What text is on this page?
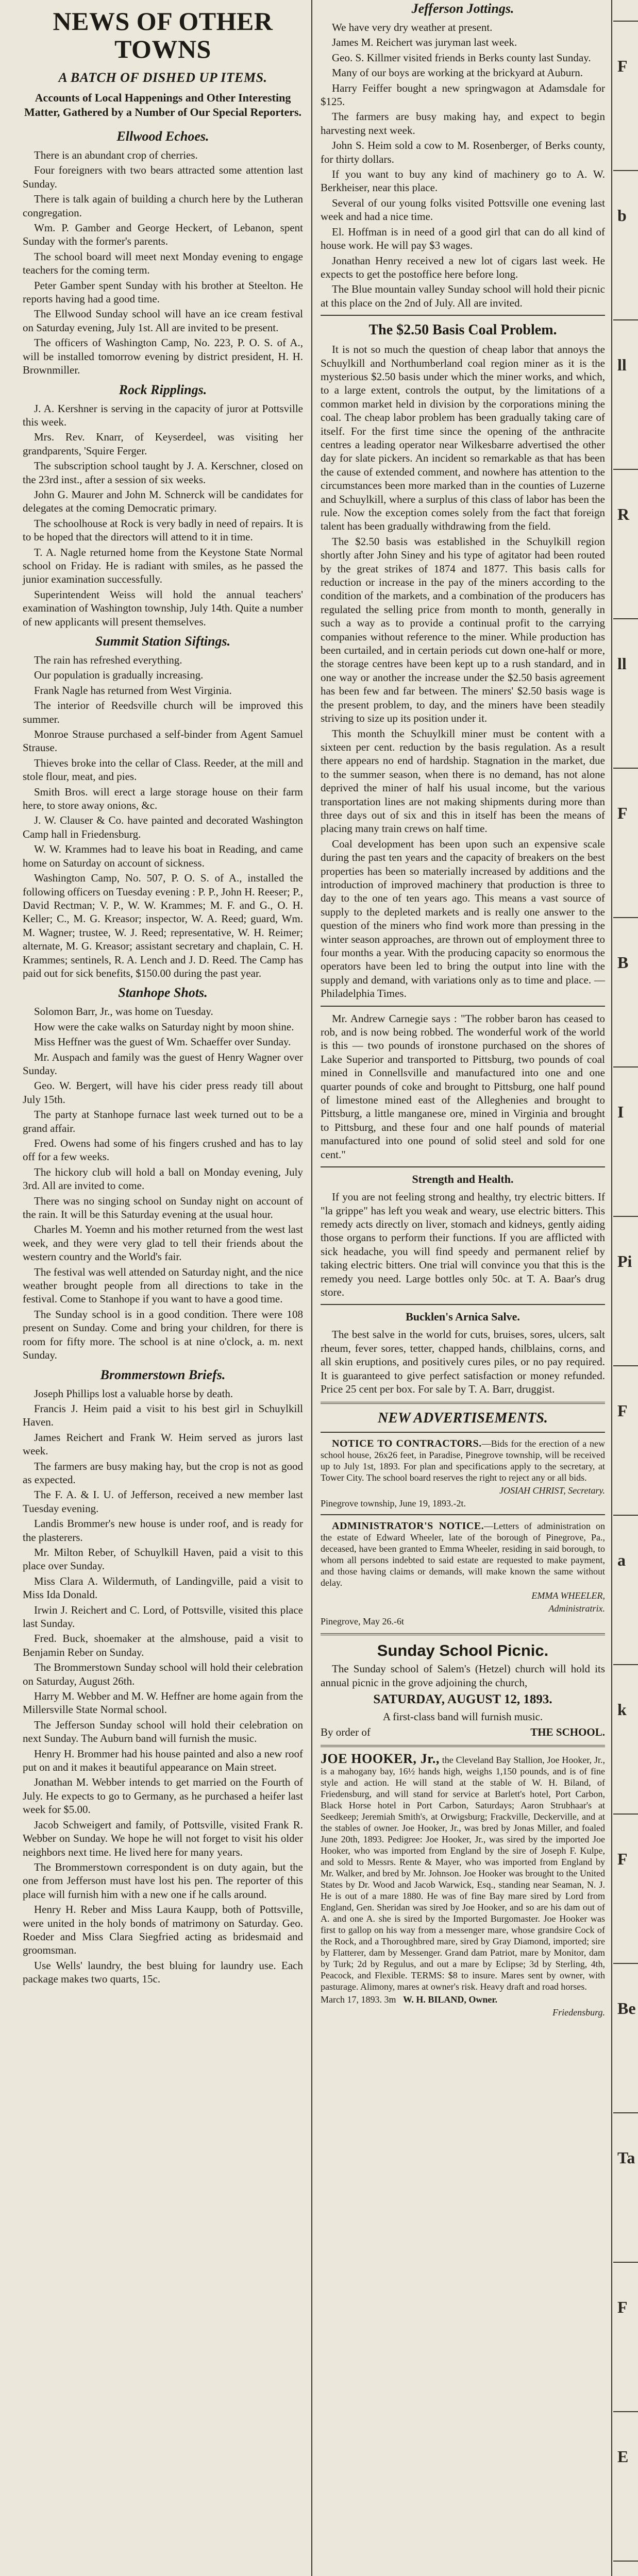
NEWS OF OTHER TOWNS
A BATCH OF DISHED UP ITEMS.
Accounts of Local Happenings and Other Interesting Matter, Gathered by a Number of Our Special Reporters.
Ellwood Echoes.

There is an abundant crop of cherries.

Four foreigners with two bears attracted some attention last Sunday.

There is talk again of building a church here by the Lutheran congregation.

Wm. P. Gamber and George Heckert, of Lebanon, spent Sunday with the former's parents.

The school board will meet next Monday evening to engage teachers for the coming term.

Peter Gamber spent Sunday with his brother at Steelton. He reports having had a good time.

The Ellwood Sunday school will have an ice cream festival on Saturday evening, July 1st. All are invited to be present.

The officers of Washington Camp, No. 223, P. O. S. of A., will be installed tomorrow evening by district president, H. H. Brownmiller.

Rock Ripplings.

J. A. Kershner is serving in the capacity of juror at Pottsville this week.

Mrs. Rev. Knarr, of Keyserdeel, was visiting her grandparents, 'Squire Ferger.

The subscription school taught by J. A. Kerschner, closed on the 23rd inst., after a session of six weeks.

John G. Maurer and John M. Schnerck will be candidates for delegates at the coming Democratic primary.

The schoolhouse at Rock is very badly in need of repairs. It is to be hoped that the directors will attend to it in time.

T. A. Nagle returned home from the Keystone State Normal school on Friday. He is radiant with smiles, as he passed the junior examination successfully.

Superintendent Weiss will hold the annual teachers' examination of Washington township, July 14th. Quite a number of new applicants will present themselves.

Summit Station Siftings.

The rain has refreshed everything.

Our population is gradually increasing.

Frank Nagle has returned from West Virginia.

The interior of Reedsville church will be improved this summer.

Monroe Strause purchased a self-binder from Agent Samuel Strause.

Thieves broke into the cellar of Class. Reeder, at the mill and stole flour, meat, and pies.

Smith Bros. will erect a large storage house on their farm here, to store away onions, &c.

J. W. Clauser & Co. have painted and decorated Washington Camp hall in Friedensburg.

W. W. Krammes had to leave his boat in Reading, and came home on Saturday on account of sickness.

Washington Camp, No. 507, P. O. S. of A., installed the following officers on Tuesday evening : P. P., John H. Reeser; P., David Rectman; V. P., W. W. Krammes; M. F. and G., O. H. Keller; C., M. G. Kreasor; inspector, W. A. Reed; guard, Wm. M. Wagner; trustee, W. J. Reed; representative, W. H. Reimer; alternate, M. G. Kreasor; assistant secretary and chaplain, C. H. Krammes; sentinels, R. A. Lench and J. D. Reed. The Camp has paid out for sick benefits, $150.00 during the past year.

Stanhope Shots.

Solomon Barr, Jr., was home on Tuesday.

How were the cake walks on Saturday night by moon shine.

Miss Heffner was the guest of Wm. Schaeffer over Sunday.

Mr. Auspach and family was the guest of Henry Wagner over Sunday.

Geo. W. Bergert, will have his cider press ready till about July 15th.

The party at Stanhope furnace last week turned out to be a grand affair.

Fred. Owens had some of his fingers crushed and has to lay off for a few weeks.

The hickory club will hold a ball on Monday evening, July 3rd. All are invited to come.

There was no singing school on Sunday night on account of the rain. It will be this Saturday evening at the usual hour.

Charles M. Yoemn and his mother returned from the west last week, and they were very glad to tell their friends about the western country and the World's fair.

The festival was well attended on Saturday night, and the nice weather brought people from all directions to take in the festival. Come to Stanhope if you want to have a good time.

The Sunday school is in a good condition. There were 108 present on Sunday. Come and bring your children, for there is room for fifty more. The school is at nine o'clock, a. m. next Sunday.

Brommerstown Briefs.

Joseph Phillips lost a valuable horse by death.

Francis J. Heim paid a visit to his best girl in Schuylkill Haven.

James Reichert and Frank W. Heim served as jurors last week.

The farmers are busy making hay, but the crop is not as good as expected.

The F. A. & I. U. of Jefferson, received a new member last Tuesday evening.

Landis Brommer's new house is under roof, and is ready for the plasterers.

Mr. Milton Reber, of Schuylkill Haven, paid a visit to this place over Sunday.

Miss Clara A. Wildermuth, of Landingville, paid a visit to Miss Ida Donald.

Irwin J. Reichert and C. Lord, of Pottsville, visited this place last Sunday.

Fred. Buck, shoemaker at the almshouse, paid a visit to Benjamin Reber on Sunday.

The Brommerstown Sunday school will hold their celebration on Saturday, August 26th.

Harry M. Webber and M. W. Heffner are home again from the Millersville State Normal school.

The Jefferson Sunday school will hold their celebration on next Sunday. The Auburn band will furnish the music.

Henry H. Brommer had his house painted and also a new roof put on and it makes it beautiful appearance on Main street.

Jonathan M. Webber intends to get married on the Fourth of July. He expects to go to Germany, as he purchased a heifer last week for $5.00.

Jacob Schweigert and family, of Pottsville, visited Frank R. Webber on Sunday. We hope he will not forget to visit his older neighbors next time. He lived here for many years.

The Brommerstown correspondent is on duty again, but the one from Jefferson must have lost his pen. The reporter of this place will furnish him with a new one if he calls around.

Henry H. Reber and Miss Laura Kaupp, both of Pottsville, were united in the holy bonds of matrimony on Saturday. Geo. Roeder and Miss Clara Siegfried acting as bridesmaid and groomsman.

Use Wells' laundry, the best bluing for laundry use. Each package makes two quarts, 15c.

Jefferson Jottings.

We have very dry weather at present.

James M. Reichert was juryman last week.

Geo. S. Killmer visited friends in Berks county last Sunday.

Many of our boys are working at the brickyard at Auburn.

Harry Feiffer bought a new springwagon at Adamsdale for $125.

The farmers are busy making hay, and expect to begin harvesting next week.

John S. Heim sold a cow to M. Rosenberger, of Berks county, for thirty dollars.

If you want to buy any kind of machinery go to A. W. Berkheiser, near this place.

Several of our young folks visited Pottsville one evening last week and had a nice time.

El. Hoffman is in need of a good girl that can do all kind of house work. He will pay $3 wages.

Jonathan Henry received a new lot of cigars last week. He expects to get the postoffice here before long.

The Blue mountain valley Sunday school will hold their picnic at this place on the 2nd of July. All are invited.

The $2.50 Basis Coal Problem.

It is not so much the question of cheap labor that annoys the Schuylkill and Northumberland coal region miner as it is the mysterious $2.50 basis under which the miner works, and which, to a large extent, controls the output, by the limitations of a common market held in division by the corporations mining the coal. The cheap labor problem has been gradually taking care of itself. For the first time since the opening of the anthracite centres a leading operator near Wilkesbarre advertised the other day for slate pickers. An incident so remarkable as that has been the cause of extended comment, and nowhere has attention to the circumstances been more marked than in the counties of Luzerne and Schuylkill, where a surplus of this class of labor has been the rule. Now the exception comes solely from the fact that foreign talent has been gradually withdrawing from the field.

The $2.50 basis was established in the Schuylkill region shortly after John Siney and his type of agitator had been routed by the great strikes of 1874 and 1877. This basis calls for reduction or increase in the pay of the miners according to the condition of the markets, and a combination of the producers has regulated the selling price from month to month, generally in such a way as to provide a continual profit to the carrying companies without reference to the miner. While production has been curtailed, and in certain periods cut down one-half or more, the storage centres have been kept up to a rush standard, and in one way or another the increase under the $2.50 basis agreement has been few and far between. The miners' $2.50 basis wage is the present problem, to day, and the miners have been steadily striving to size up its position under it.

This month the Schuylkill miner must be content with a sixteen per cent. reduction by the basis regulation. As a result there appears no end of hardship. Stagnation in the market, due to the summer season, when there is no demand, has not alone deprived the miner of half his usual income, but the various transportation lines are not making shipments during more than three days out of six and this in itself has been the means of placing many train crews on half time.

Coal development has been upon such an expensive scale during the past ten years and the capacity of breakers on the best properties has been so materially increased by additions and the introduction of improved machinery that production is three to day to the one of ten years ago. This means a vast source of supply to the depleted markets and is really one answer to the question of the miners who find work more than pressing in the winter season approaches, are thrown out of employment three to four months a year. With the producing capacity so enormous the operators have been led to bring the output into line with the supply and demand, with variations only as to time and place. — Philadelphia Times.

Mr. Andrew Carnegie says : "The robber baron has ceased to rob, and is now being robbed. The wonderful work of the world is this — two pounds of ironstone purchased on the shores of Lake Superior and transported to Pittsburg, two pounds of coal mined in Connellsville and manufactured into one and one quarter pounds of coke and brought to Pittsburg, one half pound of limestone mined east of the Alleghenies and brought to Pittsburg, a little manganese ore, mined in Virginia and brought to Pittsburg, and these four and one half pounds of material manufactured into one pound of solid steel and sold for one cent."

Strength and Health.

If you are not feeling strong and healthy, try electric bitters. If "la grippe" has left you weak and weary, use electric bitters. This remedy acts directly on liver, stomach and kidneys, gently aiding those organs to perform their functions. If you are afflicted with sick headache, you will find speedy and permanent relief by taking electric bitters. One trial will convince you that this is the remedy you need. Large bottles only 50c. at T. A. Baar's drug store.

Bucklen's Arnica Salve.

The best salve in the world for cuts, bruises, sores, ulcers, salt rheum, fever sores, tetter, chapped hands, chilblains, corns, and all skin eruptions, and positively cures piles, or no pay required. It is guaranteed to give perfect satisfaction or money refunded. Price 25 cent per box. For sale by T. A. Barr, druggist.

NEW ADVERTISEMENTS.

NOTICE TO CONTRACTORS.—Bids for the erection of a new school house, 26x26 feet, in Paradise, Pinegrove township, will be received up to July 1st, 1893. For plan and specifications apply to the secretary, at Tower City. The school board reserves the right to reject any or all bids.

JOSIAH CHRIST, Secretary.

Pinegrove township, June 19, 1893.-2t.

ADMINISTRATOR'S NOTICE.—Letters of administration on the estate of Edward Wheeler, late of the borough of Pinegrove, Pa., deceased, have been granted to Emma Wheeler, residing in said borough, to whom all persons indebted to said estate are requested to make payment, and those having claims or demands, will make known the same without delay.

EMMA WHEELER,

Administratrix.

Pinegrove, May 26.-6t

Sunday School Picnic.

The Sunday school of Salem's (Hetzel) church will hold its annual picnic in the grove adjoining the church,

SATURDAY, AUGUST 12, 1893.

A first-class band will furnish music.

By order of	THE SCHOOL.

JOE HOOKER, Jr., the Cleveland Bay Stallion, Joe Hooker, Jr., is a mahogany bay, 16½ hands high, weighs 1,150 pounds, and is of fine style and action. He will stand at the stable of W. H. Biland, of Friedensburg, and will stand for service at Barlett's hotel, Port Carbon, Black Horse hotel in Port Carbon, Saturdays; Aaron Strubhaar's at Seedkeep; Jeremiah Smith's, at Orwigsburg; Frackville, Deckerville, and at the stables of owner. Joe Hooker, Jr., was bred by Jonas Miller, and foaled June 20th, 1893. Pedigree: Joe Hooker, Jr., was sired by the imported Joe Hooker, who was imported from England by the sire of Joseph F. Kulpe, and sold to Messrs. Rente & Mayer, who was imported from England by Mr. Walker, and bred by Mr. Johnson. Joe Hooker was brought to the United States by Dr. Wood and Jacob Warwick, Esq., standing near Seaman, N. J. He is out of a mare 1880. He was of fine Bay mare sired by Lord from England, Gen. Sheridan was sired by Joe Hooker, and so are his dam out of A. and one A. she is sired by the Imported Burgomaster. Joe Hooker was first to gallop on his way from a messenger mare, whose grandsire Cock of the Rock, and a Thoroughbred mare, sired by Gray Diamond, imported; sire by Flatterer, dam by Messenger. Grand dam Patriot, mare by Monitor, dam by Turk; 2d by Regulus, and out a mare by Eclipse; 3d by Sterling, 4th, Peacock, and Flexible. TERMS: $8 to insure. Mares sent by owner, with pasturage. Alimony, mares at owner's risk. Heavy draft and road horses.

March 17, 1893. 3m W. H. BILAND, Owner.

Friedensburg.

F
b
ll
R
ll
F
B
I
Pi
F
a
k
F
Be
Ta
F
E
